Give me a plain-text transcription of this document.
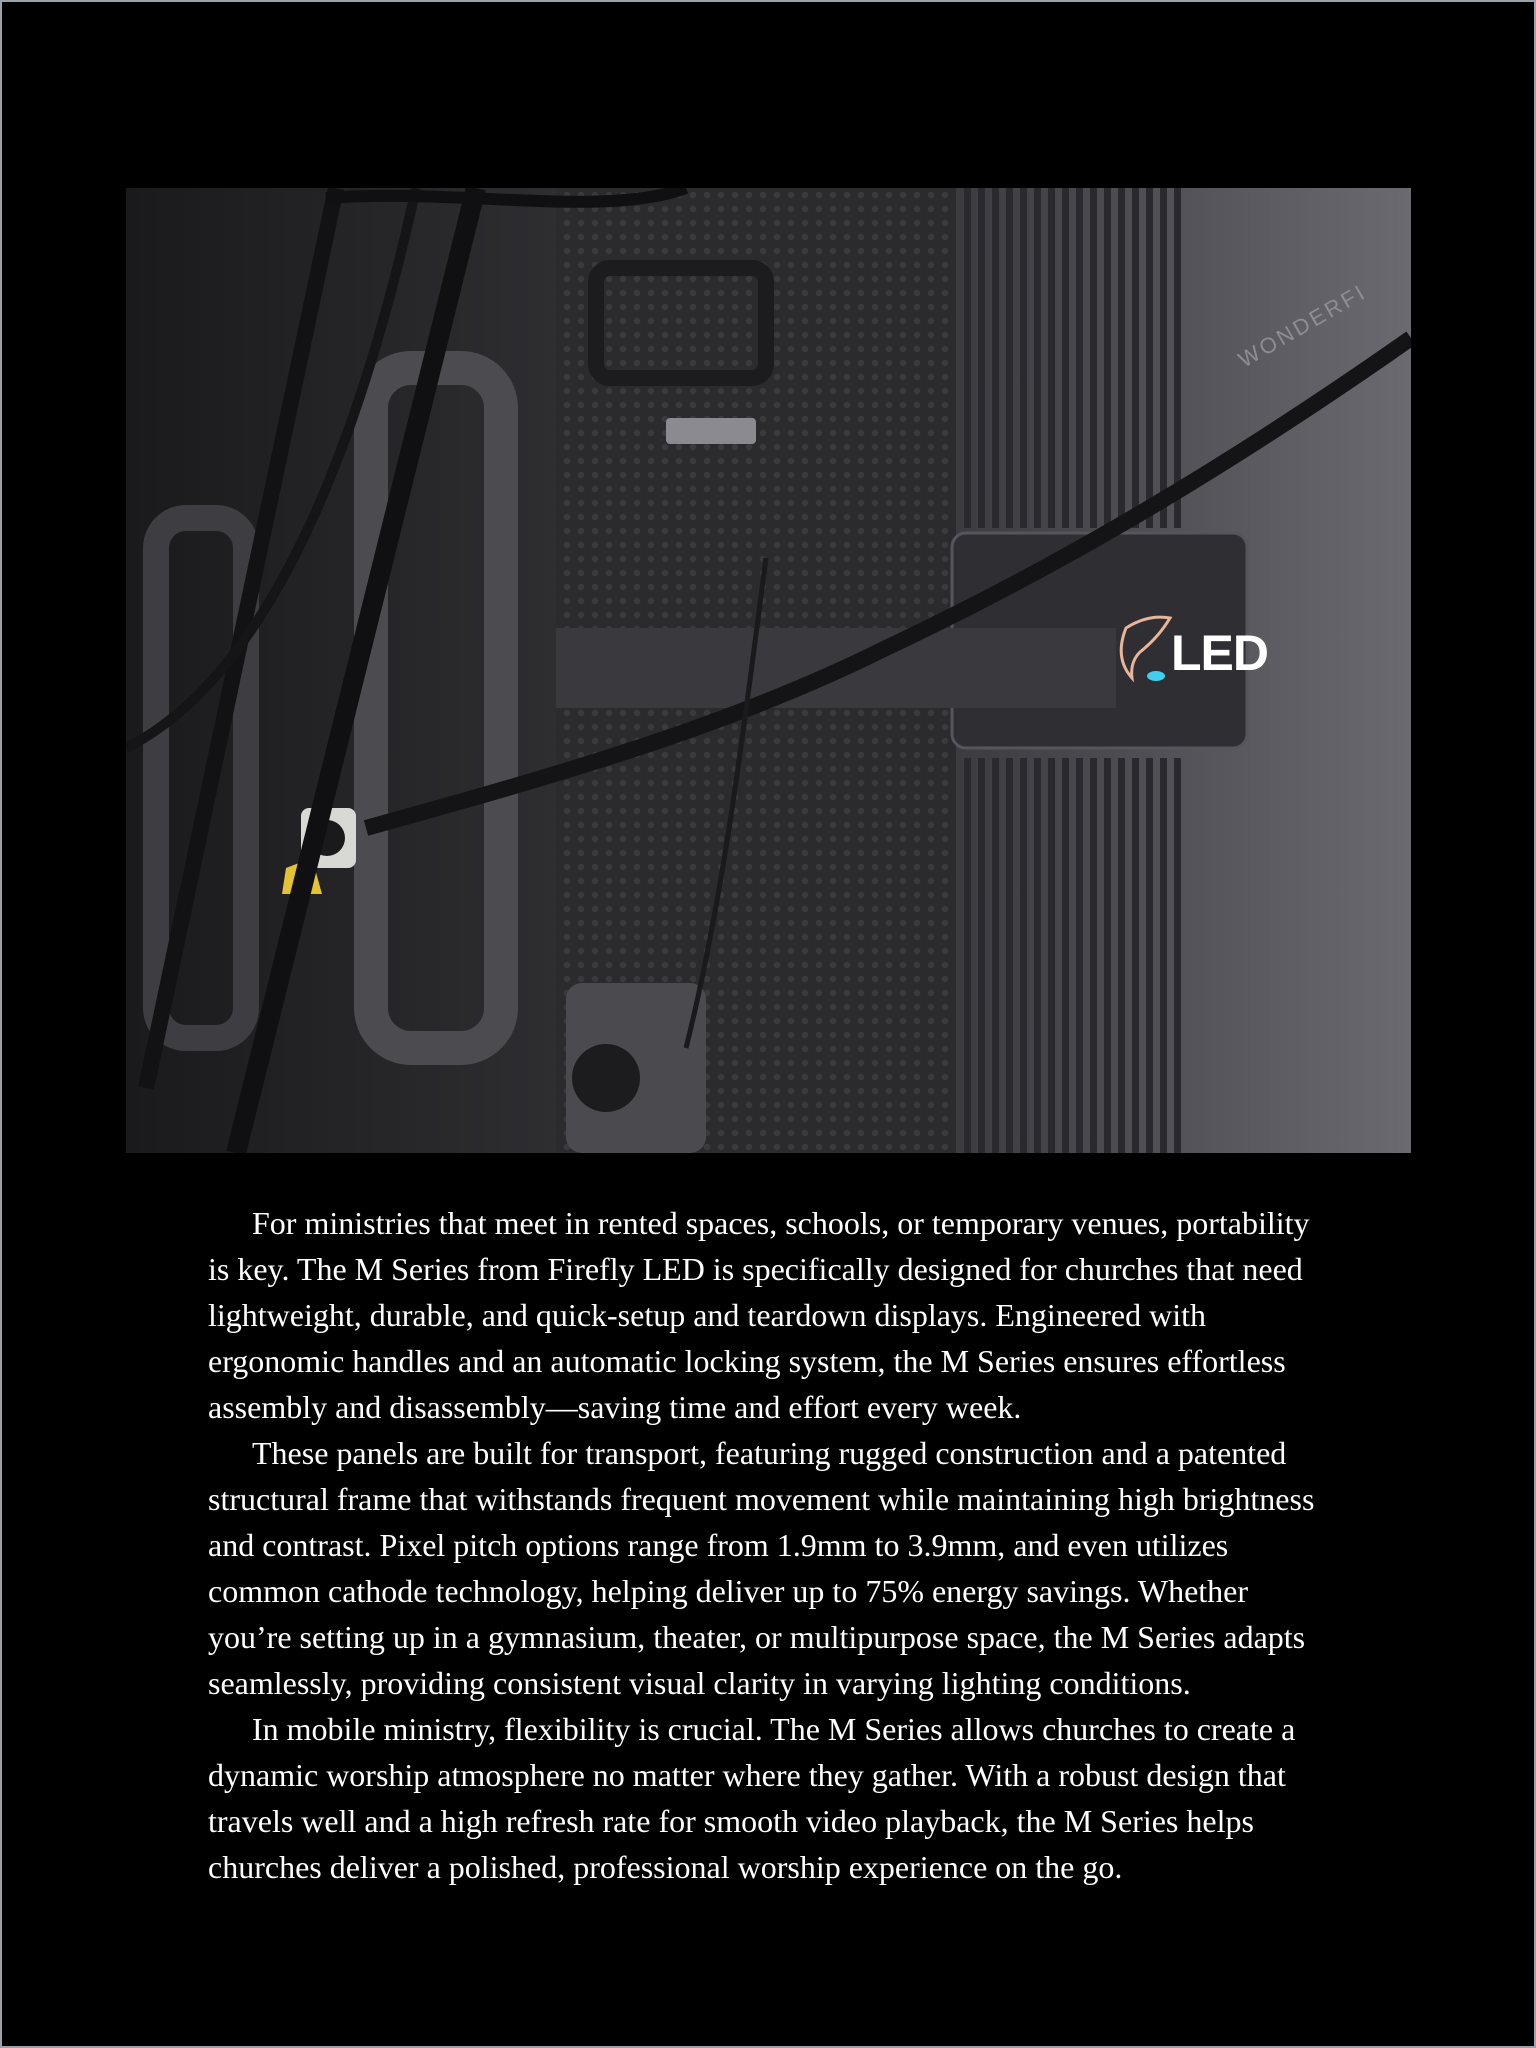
LED
WONDERFI

For ministries that meet in rented spaces, schools, or temporary venues, portability is key. The M Series from Firefly LED is specifically designed for churches that need lightweight, durable, and quick-setup and teardown displays. Engineered with ergonomic handles and an automatic locking system, the M Series ensures effortless assembly and disassembly—saving time and effort every week.

These panels are built for transport, featuring rugged construction and a patented structural frame that withstands frequent movement while maintaining high brightness and contrast. Pixel pitch options range from 1.9mm to 3.9mm, and even utilizes common cathode technology, helping deliver up to 75% energy savings. Whether you’re setting up in a gymnasium, theater, or multipurpose space, the M Series adapts seamlessly, providing consistent visual clarity in varying lighting conditions.

In mobile ministry, flexibility is crucial. The M Series allows churches to create a dynamic worship atmosphere no matter where they gather. With a robust design that travels well and a high refresh rate for smooth video playback, the M Series helps churches deliver a polished, professional worship experience on the go.
